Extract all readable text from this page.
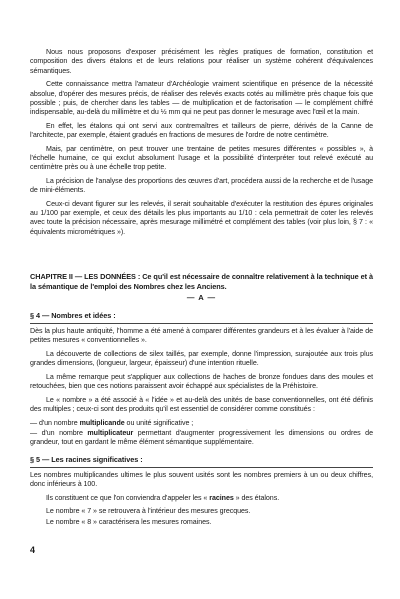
Nous nous proposons d'exposer précisément les règles pratiques de formation, constitution et composition des divers étalons et de leurs relations pour réaliser un système cohérent d'équivalences sémantiques.

Cette connaissance mettra l'amateur d'Archéologie vraiment scientifique en présence de la nécessité absolue, d'opérer des mesures précis, de réaliser des relevés exacts cotés au millimètre près chaque fois que possible ; puis, de chercher dans les tables — de multiplication et de factorisation — le complément chiffré indispensable, au-delà du millimètre et du ½ mm qui ne peut pas donner le mesurage avec l'œil et la main.

En effet, les étalons qui ont servi aux contremaîtres et tailleurs de pierre, dérivés de la Canne de l'architecte, par exemple, étaient gradués en fractions de mesures de l'ordre de notre centimètre.

Mais, par centimètre, on peut trouver une trentaine de petites mesures différentes « possibles », à l'échelle humaine, ce qui exclut absolument l'usage et la possibilité d'interpréter tout relevé exécuté au centimètre près ou à une échelle trop petite.

La précision de l'analyse des proportions des œuvres d'art, procédera aussi de la recherche et de l'usage de mini-éléments.

Ceux-ci devant figurer sur les relevés, il serait souhaitable d'exécuter la restitution des épures originales au 1/100 par exemple, et ceux des détails les plus importants au 1/10 : cela permettrait de coter les relevés avec toute la précision nécessaire, après mesurage millimétré et complément des tables (voir plus loin, § 7 : « équivalents micrométriques »).

CHAPITRE II — LES DONNÉES : Ce qu'il est nécessaire de connaître relativement à la technique et à la sémantique de l'emploi des Nombres chez les Anciens.

— A —

§ 4 — Nombres et idées :

Dès la plus haute antiquité, l'homme a été amené à comparer différentes grandeurs et à les évaluer à l'aide de petites mesures « conventionnelles ».

La découverte de collections de silex taillés, par exemple, donne l'impression, surajoutée aux trois plus grandes dimensions, (longueur, largeur, épaisseur) d'une intention rituelle.

La même remarque peut s'appliquer aux collections de haches de bronze fondues dans des moules et retouchées, bien que ces notions paraissent avoir échappé aux spécialistes de la Préhistoire.

Le « nombre » a été associé à « l'idée » et au-delà des unités de base conventionnelles, ont été définis des multiples ; ceux-ci sont des produits qu'il est essentiel de considérer comme constitués :

— d'un nombre multiplicande ou unité significative ;

— d'un nombre multiplicateur permettant d'augmenter progressivement les dimensions ou ordres de grandeur, tout en gardant le même élément sémantique supplémentaire.

§ 5 — Les racines significatives :

Les nombres multiplicandes ultimes le plus souvent usités sont les nombres premiers à un ou deux chiffres, donc inférieurs à 100.

Ils constituent ce que l'on conviendra d'appeler les « racines » des étalons.

Le nombre « 7 » se retrouvera à l'intérieur des mesures grecques.

Le nombre « 8 » caractérisera les mesures romaines.

4
